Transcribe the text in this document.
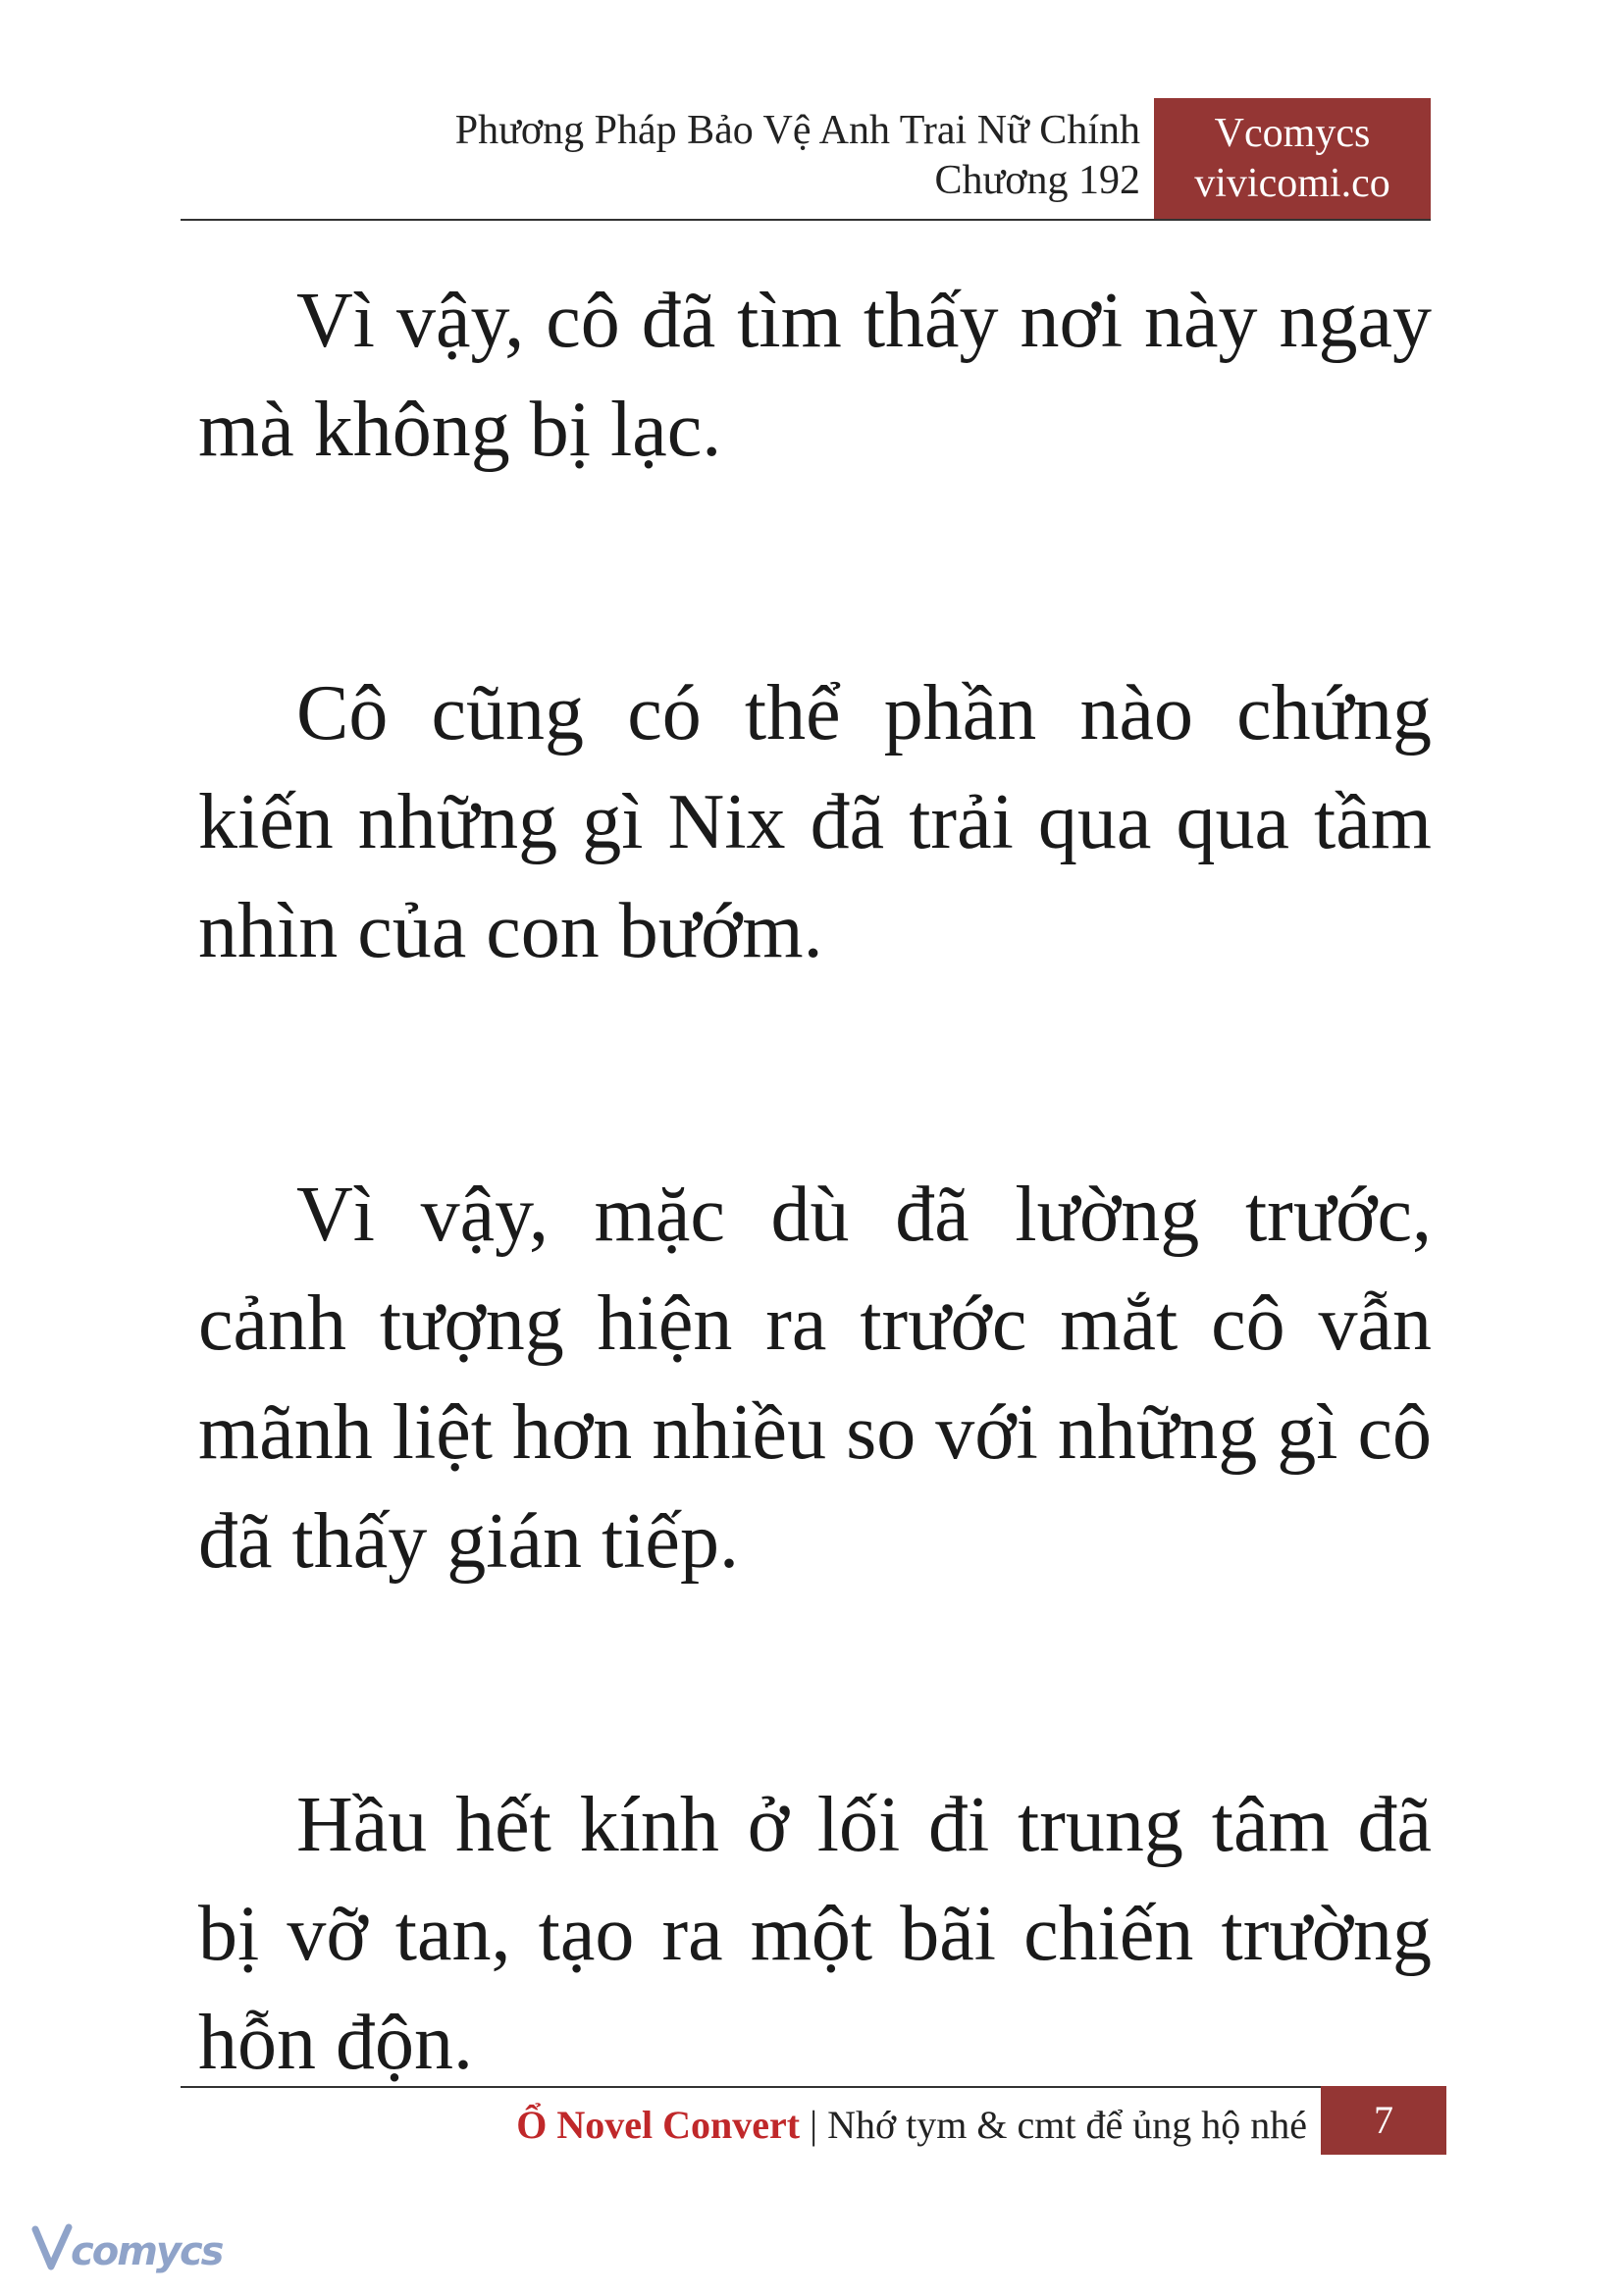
Phương Pháp Bảo Vệ Anh Trai Nữ Chính
Chương 192
Vcomycs
vivicomi.co

Vì vậy, cô đã tìm thấy nơi này ngay mà không bị lạc.

Cô cũng có thể phần nào chứng kiến những gì Nix đã trải qua qua tầm nhìn của con bướm.

Vì vậy, mặc dù đã lường trước, cảnh tượng hiện ra trước mắt cô vẫn mãnh liệt hơn nhiều so với những gì cô đã thấy gián tiếp.

Hầu hết kính ở lối đi trung tâm đã bị vỡ tan, tạo ra một bãi chiến trường hỗn độn.

Ổ Novel Convert | Nhớ tym & cmt để ủng hộ nhé	7
comycs
